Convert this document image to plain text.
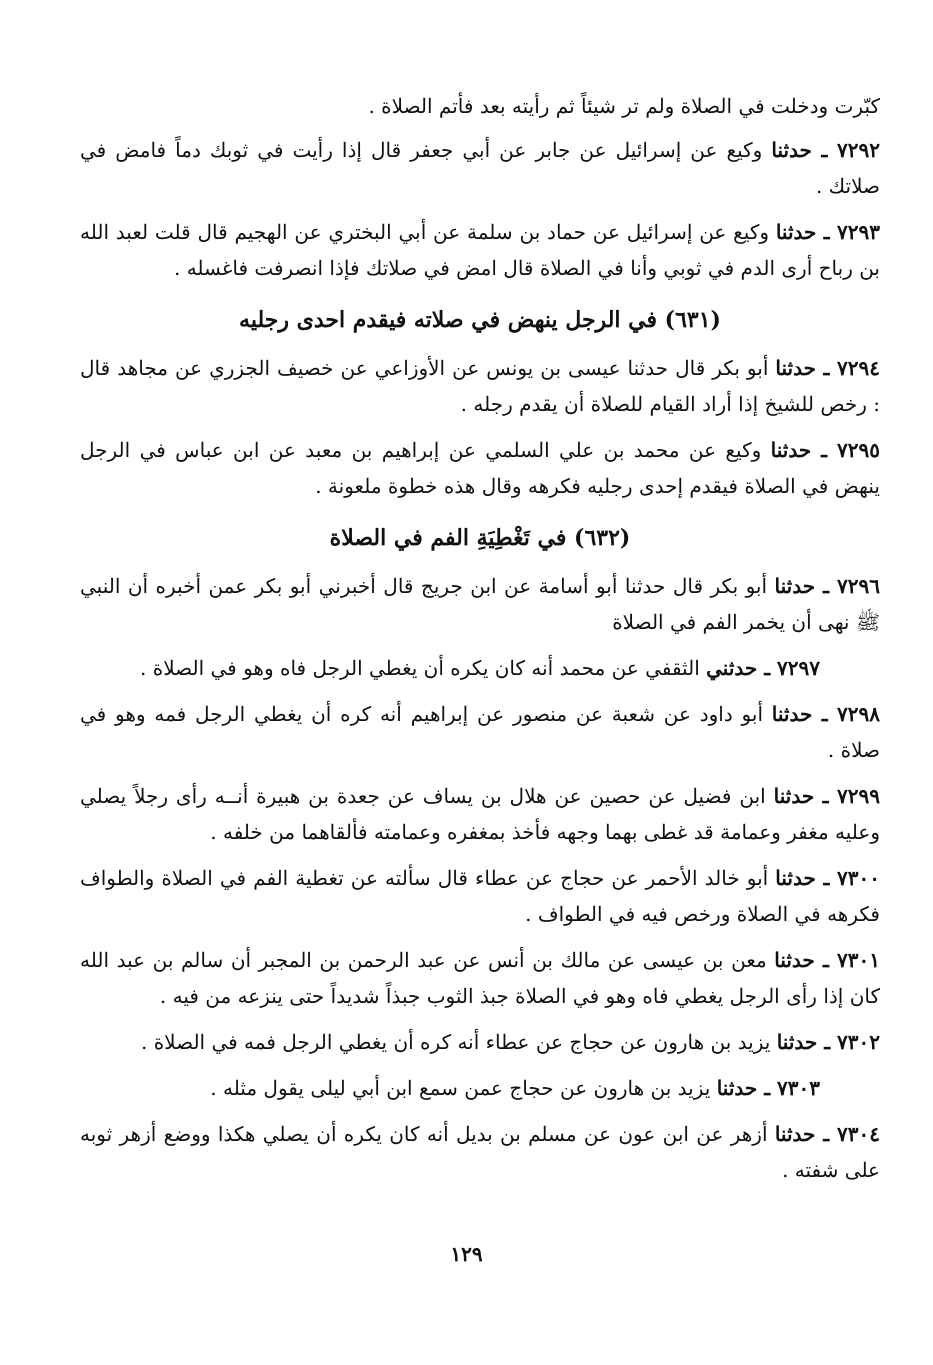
كبّرت ودخلت في الصلاة ولم تر شيئاً ثم رأيته بعد فأتم الصلاة .

٧٢٩٢ ـ حدثنا وكيع عن إسرائيل عن جابر عن أبي جعفر قال إذا رأيت في ثوبك دماً فامض في صلاتك .

٧٢٩٣ ـ حدثنا وكيع عن إسرائيل عن حماد بن سلمة عن أبي البختري عن الهجيم قال قلت لعبد الله بن رباح أرى الدم في ثوبي وأنا في الصلاة قال امض في صلاتك فإذا انصرفت فاغسله .

(٦٣١) في الرجل ينهض في صلاته فيقدم احدى رجليه

٧٢٩٤ ـ حدثنا أبو بكر قال حدثنا عيسى بن يونس عن الأوزاعي عن خصيف الجزري عن مجاهد قال : رخص للشيخ إذا أراد القيام للصلاة أن يقدم رجله .

٧٢٩٥ ـ حدثنا وكيع عن محمد بن علي السلمي عن إبراهيم بن معبد عن ابن عباس في الرجل ينهض في الصلاة فيقدم إحدى رجليه فكرهه وقال هذه خطوة ملعونة .

(٦٣٢) في تَغْطِيَةِ الفم في الصلاة

٧٢٩٦ ـ حدثنا أبو بكر قال حدثنا أبو أسامة عن ابن جريج قال أخبرني أبو بكر عمن أخبره أن النبي ﷺ نهى أن يخمر الفم في الصلاة

٧٢٩٧ ـ حدثني الثقفي عن محمد أنه كان يكره أن يغطي الرجل فاه وهو في الصلاة .

٧٢٩٨ ـ حدثنا أبو داود عن شعبة عن منصور عن إبراهيم أنه كره أن يغطي الرجل فمه وهو في صلاة .

٧٢٩٩ ـ حدثنا ابن فضيل عن حصين عن هلال بن يساف عن جعدة بن هبيرة أنــه رأى رجلاً يصلي وعليه مغفر وعمامة قد غطى بهما وجهه فأخذ بمغفره وعمامته فألقاهما من خلفه .

٧٣٠٠ ـ حدثنا أبو خالد الأحمر عن حجاج عن عطاء قال سألته عن تغطية الفم في الصلاة والطواف فكرهه في الصلاة ورخص فيه في الطواف .

٧٣٠١ ـ حدثنا معن بن عيسى عن مالك بن أنس عن عبد الرحمن بن المجبر أن سالم بن عبد الله كان إذا رأى الرجل يغطي فاه وهو في الصلاة جبذ الثوب جبذاً شديداً حتى ينزعه من فيه .

٧٣٠٢ ـ حدثنا يزيد بن هارون عن حجاج عن عطاء أنه كره أن يغطي الرجل فمه في الصلاة .

٧٣٠٣ ـ حدثنا يزيد بن هارون عن حجاج عمن سمع ابن أبي ليلى يقول مثله .

٧٣٠٤ ـ حدثنا أزهر عن ابن عون عن مسلم بن بديل أنه كان يكره أن يصلي هكذا ووضع أزهر ثوبه على شفته .

١٢٩
